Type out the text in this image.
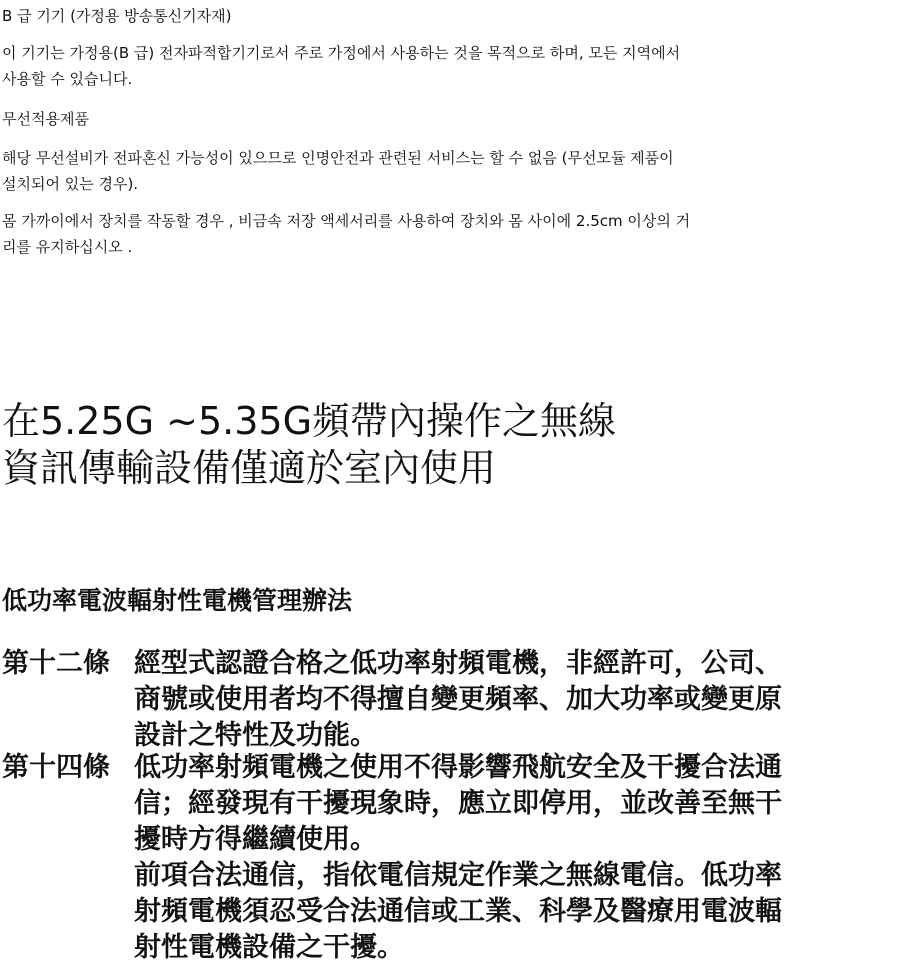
B 급 기기 (가정용 방송통신기자재)

이 기기는 가정용(B 급) 전자파적합기기로서 주로 가정에서 사용하는 것을 목적으로 하며, 모든 지역에서
사용할 수 있습니다.

무선적용제품

해당 무선설비가 전파혼신 가능성이 있으므로 인명안전과 관련된 서비스는 할 수 없음 (무선모듈 제품이
설치되어 있는 경우).

몸 가까이에서 장치를 작동할 경우 , 비금속 저장 액세서리를 사용하여 장치와 몸 사이에 2.5cm 이상의 거
리를 유지하십시오 .

在5.25G ~5.35G頻帶內操作之無線
資訊傳輸設備僅適於室內使用
低功率電波輻射性電機管理辦法
第十二條 經型式認證合格之低功率射頻電機，非經許可，公司、
商號或使用者均不得擅自變更頻率、加大功率或變更原
設計之特性及功能。
第十四條 低功率射頻電機之使用不得影響飛航安全及干擾合法通
信；經發現有干擾現象時，應立即停用，並改善至無干
擾時方得繼續使用。
前項合法通信，指依電信規定作業之無線電信。低功率
射頻電機須忍受合法通信或工業、科學及醫療用電波輻
射性電機設備之干擾。
